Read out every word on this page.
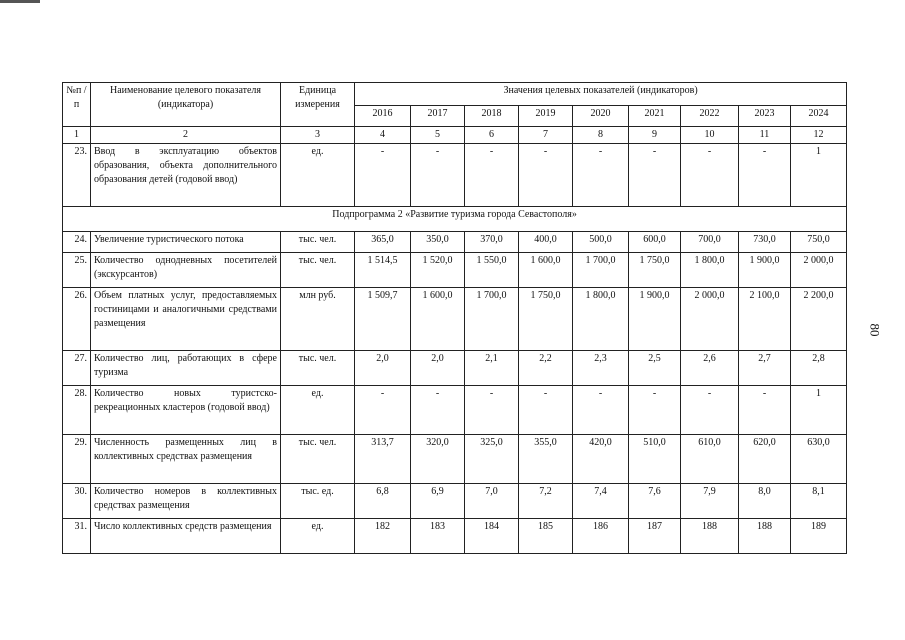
80
№п /п	Наименование целевого показателя (индикатора)	Единица измерения	Значения целевых показателей (индикаторов)								
			2016	2017	2018	2019	2020	2021	2022	2023	2024
1	2	3	4	5	6	7	8	9	10	11	12
23.	Ввод в эксплуатацию объектов образования, объекта дополнительного образования детей (годовой ввод)	ед.	-	-	-	-	-	-	-	-	1
Подпрограмма 2 «Развитие туризма города Севастополя»											
24.	Увеличение туристического потока	тыс. чел.	365,0	350,0	370,0	400,0	500,0	600,0	700,0	730,0	750,0
25.	Количество однодневных посетителей (экскурсантов)	тыс. чел.	1 514,5	1 520,0	1 550,0	1 600,0	1 700,0	1 750,0	1 800,0	1 900,0	2 000,0
26.	Объем платных услуг, предоставляемых гостиницами и аналогичными средствами размещения	млн руб.	1 509,7	1 600,0	1 700,0	1 750,0	1 800,0	1 900,0	2 000,0	2 100,0	2 200,0
27.	Количество лиц, работающих в сфере туризма	тыс. чел.	2,0	2,0	2,1	2,2	2,3	2,5	2,6	2,7	2,8
28.	Количество новых туристско-рекреационных кластеров (годовой ввод)	ед.	-	-	-	-	-	-	-	-	1
29.	Численность размещенных лиц в коллективных средствах размещения	тыс. чел.	313,7	320,0	325,0	355,0	420,0	510,0	610,0	620,0	630,0
30.	Количество номеров в коллективных средствах размещения	тыс. ед.	6,8	6,9	7,0	7,2	7,4	7,6	7,9	8,0	8,1
31.	Число коллективных средств размещения	ед.	182	183	184	185	186	187	188	188	189
